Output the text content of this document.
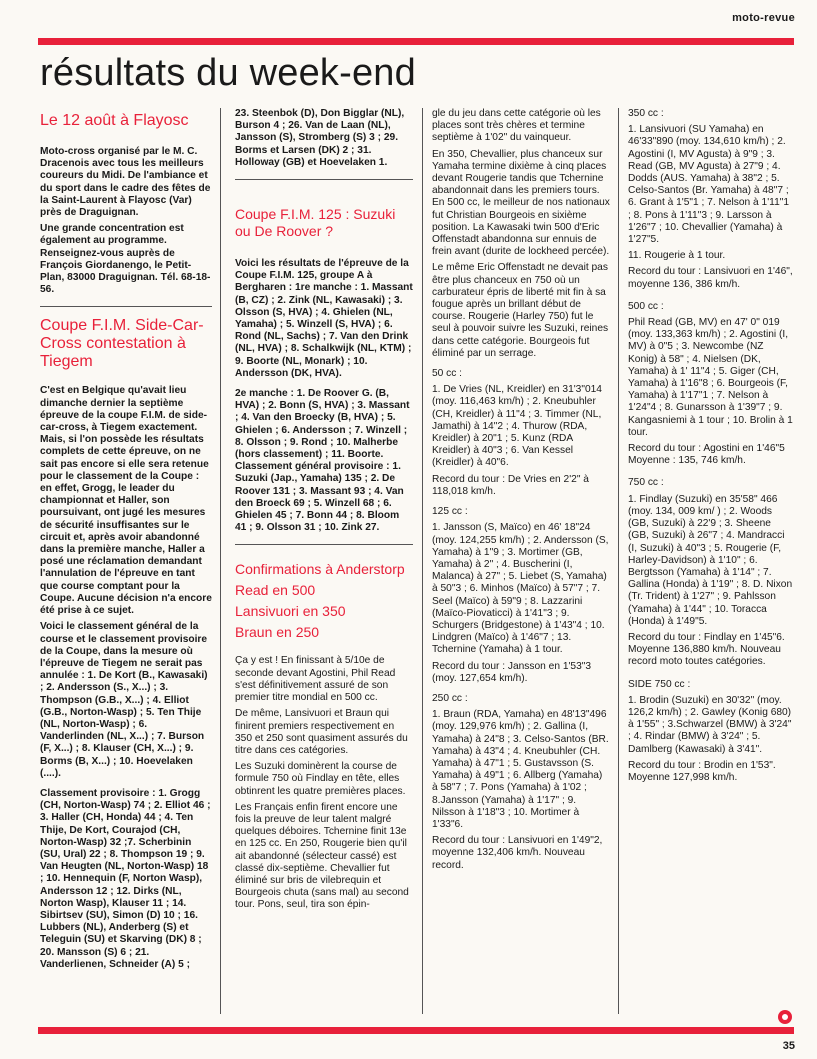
moto-revue
résultats du week-end
Le 12 août à Flayosc

Moto-cross organisé par le M. C. Dracenois avec tous les meilleurs coureurs du Midi. De l'ambiance et du sport dans le cadre des fêtes de la Saint-Laurent à Flayosc (Var) près de Draguignan.

Une grande concentration est également au programme. Renseignez-vous auprès de François Giordanengo, le Petit-Plan, 83000 Draguignan. Tél. 68-18-56.

Coupe F.I.M. Side-Car-Cross contestation à Tiegem

C'est en Belgique qu'avait lieu dimanche dernier la septième épreuve de la coupe F.I.M. de side-car-cross, à Tiegem exactement. Mais, si l'on possède les résultats complets de cette épreuve, on ne sait pas encore si elle sera retenue pour le classement de la Coupe : en effet, Grogg, le leader du championnat et Haller, son poursuivant, ont jugé les mesures de sécurité insuffisantes sur le circuit et, après avoir abandonné dans la première manche, Haller a posé une réclamation demandant l'annulation de l'épreuve en tant que course comptant pour la Coupe. Aucune décision n'a encore été prise à ce sujet.

Voici le classement général de la course et le classement provisoire de la Coupe, dans la mesure où l'épreuve de Tiegem ne serait pas annulée : 1. De Kort (B., Kawasaki) ; 2. Andersson (S., X...) ; 3. Thompson (G.B., X...) ; 4. Elliot (G.B., Norton-Wasp) ; 5. Ten Thije (NL, Norton-Wasp) ; 6. Vanderlinden (NL, X...) ; 7. Burson (F, X...) ; 8. Klauser (CH, X...) ; 9. Borms (B, X...) ; 10. Hoevelaken (....).

Classement provisoire : 1. Grogg (CH, Norton-Wasp) 74 ; 2. Elliot 46 ; 3. Haller (CH, Honda) 44 ; 4. Ten Thije, De Kort, Courajod (CH, Norton-Wasp) 32 ;7. Scherbinin (SU, Ural) 22 ; 8. Thompson 19 ; 9. Van Heugten (NL, Norton-Wasp) 18 ; 10. Hennequin (F, Norton Wasp), Andersson 12 ; 12. Dirks (NL, Norton Wasp), Klauser 11 ; 14. Sibirtsev (SU), Simon (D) 10 ; 16. Lubbers (NL), Anderberg (S) et Teleguin (SU) et Skarving (DK) 8 ; 20. Mansson (S) 6 ; 21. Vanderlienen, Schneider (A) 5 ;

23. Steenbok (D), Don Bigglar (NL), Burson 4 ; 26. Van de Laan (NL), Jansson (S), Stromberg (S) 3 ; 29. Borms et Larsen (DK) 2 ; 31. Holloway (GB) et Hoevelaken 1.

Coupe F.I.M. 125 : Suzuki ou De Roover ?

Voici les résultats de l'épreuve de la Coupe F.I.M. 125, groupe A à Bergharen : 1re manche : 1. Massant (B, CZ) ; 2. Zink (NL, Kawasaki) ; 3. Olsson (S, HVA) ; 4. Ghielen (NL, Yamaha) ; 5. Winzell (S, HVA) ; 6. Rond (NL, Sachs) ; 7. Van den Drink (NL, HVA) ; 8. Schalkwijk (NL, KTM) ; 9. Boorte (NL, Monark) ; 10. Andersson (DK, HVA).

2e manche : 1. De Roover G. (B, HVA) ; 2. Bonn (S, HVA) ; 3. Massant ; 4. Van den Broecky (B, HVA) ; 5. Ghielen ; 6. Andersson ; 7. Winzell ; 8. Olsson ; 9. Rond ; 10. Malherbe (hors classement) ; 11. Boorte. Classement général provisoire : 1. Suzuki (Jap., Yamaha) 135 ; 2. De Roover 131 ; 3. Massant 93 ; 4. Van den Broeck 69 ; 5. Winzell 68 ; 6. Ghielen 45 ; 7. Bonn 44 ; 8. Bloom 41 ; 9. Olsson 31 ; 10. Zink 27.

Confirmations à Anderstorp
Read en 500
Lansivuori en 350
Braun en 250

Ça y est ! En finissant à 5/10e de seconde devant Agostini, Phil Read s'est définitivement assuré de son premier titre mondial en 500 cc.

De même, Lansivuori et Braun qui finirent premiers respectivement en 350 et 250 sont quasiment assurés du titre dans ces catégories.

Les Suzuki dominèrent la course de formule 750 où Findlay en tête, elles obtinrent les quatre premières places.

Les Français enfin firent encore une fois la preuve de leur talent malgré quelques déboires. Tchernine finit 13e en 125 cc. En 250, Rougerie bien qu'il ait abandonné (sélecteur cassé) est classé dix-septième. Chevallier fut éliminé sur bris de vilebrequin et Bourgeois chuta (sans mal) au second tour. Pons, seul, tira son épin-

gle du jeu dans cette catégorie où les places sont très chères et termine septième à 1'02" du vainqueur.

En 350, Chevallier, plus chanceux sur Yamaha termine dixième à cinq places devant Rougerie tandis que Tchernine abandonnait dans les premiers tours. En 500 cc, le meilleur de nos nationaux fut Christian Bourgeois en sixième position. La Kawasaki twin 500 d'Eric Offenstadt abandonna sur ennuis de frein avant (durite de lockheed percée).

Le même Eric Offenstadt ne devait pas être plus chanceux en 750 où un carburateur épris de liberté mit fin à sa fougue après un brillant début de course. Rougerie (Harley 750) fut le seul à pouvoir suivre les Suzuki, reines dans cette catégorie. Bourgeois fut éliminé par un serrage.

50 cc :

1. De Vries (NL, Kreidler) en 31'3"014 (moy. 116,463 km/h) ; 2. Kneubuhler (CH, Kreidler) à 11"4 ; 3. Timmer (NL, Jamathi) à 14"2 ; 4. Thurow (RDA, Kreidler) à 20"1 ; 5. Kunz (RDA Kreidler) à 40"3 ; 6. Van Kessel (Kreidler) à 40"6.

Record du tour : De Vries en 2'2" à 118,018 km/h.

125 cc :

1. Jansson (S, Maïco) en 46' 18"24 (moy. 124,255 km/h) ; 2. Andersson (S, Yamaha) à 1"9 ; 3. Mortimer (GB, Yamaha) à 2" ; 4. Buscherini (I, Malanca) à 27" ; 5. Liebet (S, Yamaha) à 50"3 ; 6. Minhos (Maïco) à 57"7 ; 7. Seel (Maïco) à 59"9 ; 8. Lazzarini (Maïco-Piovaticci) à 1'41"3 ; 9. Schurgers (Bridgestone) à 1'43"4 ; 10. Lindgren (Maïco) à 1'46"7 ; 13. Tchernine (Yamaha) à 1 tour.

Record du tour : Jansson en 1'53"3 (moy. 127,654 km/h).

250 cc :

1. Braun (RDA, Yamaha) en 48'13"496 (moy. 129,976 km/h) ; 2. Gallina (I, Yamaha) à 24"8 ; 3. Celso-Santos (BR. Yamaha) à 43"4 ; 4. Kneubuhler (CH. Yamaha) à 47"1 ; 5. Gustavsson (S. Yamaha) à 49"1 ; 6. Allberg (Yamaha) à 58"7 ; 7. Pons (Yamaha) à 1'02 ; 8.Jansson (Yamaha) à 1'17" ; 9. Nilsson à 1'18"3 ; 10. Mortimer à 1'33"6.

Record du tour : Lansivuori en 1'49"2, moyenne 132,406 km/h. Nouveau record.

350 cc :

1. Lansivuori (SU Yamaha) en 46'33"890 (moy. 134,610 km/h) ; 2. Agostini (I, MV Agusta) à 9"9 ; 3. Read (GB, MV Agusta) à 27"9 ; 4. Dodds (AUS. Yamaha) à 38"2 ; 5. Celso-Santos (Br. Yamaha) à 48"7 ; 6. Grant à 1'5"1 ; 7. Nelson à 1'11"1 ; 8. Pons à 1'11"3 ; 9. Larsson à 1'26"7 ; 10. Chevallier (Yamaha) à 1'27"5.

11. Rougerie à 1 tour.

Record du tour : Lansivuori en 1'46", moyenne 136, 386 km/h.

500 cc :

Phil Read (GB, MV) en 47' 0" 019 (moy. 133,363 km/h) ; 2. Agostini (I, MV) à 0"5 ; 3. Newcombe (NZ Konig) à 58" ; 4. Nielsen (DK, Yamaha) à 1' 11"4 ; 5. Giger (CH, Yamaha) à 1'16"8 ; 6. Bourgeois (F, Yamaha) à 1'17"1 ; 7. Nelson à 1'24"4 ; 8. Gunarsson à 1'39"7 ; 9. Kangasniemi à 1 tour ; 10. Brolin à 1 tour.

Record du tour : Agostini en 1'46"5 Moyenne : 135, 746 km/h.

750 cc :

1. Findlay (Suzuki) en 35'58" 466 (moy. 134, 009 km/ ) ; 2. Woods (GB, Suzuki) à 22'9 ; 3. Sheene (GB, Suzuki) à 26"7 ; 4. Mandracci (I, Suzuki) à 40"3 ; 5. Rougerie (F, Harley-Davidson) à 1'10" ; 6. Bergtsson (Yamaha) à 1'14" ; 7. Gallina (Honda) à 1'19" ; 8. D. Nixon (Tr. Trident) à 1'27" ; 9. Pahlsson (Yamaha) à 1'44" ; 10. Toracca (Honda) à 1'49"5.

Record du tour : Findlay en 1'45"6. Moyenne 136,880 km/h. Nouveau record moto toutes catégories.

SIDE 750 cc :

1. Brodin (Suzuki) en 30'32" (moy. 126,2 km/h) ; 2. Gawley (Konig 680) à 1'55" ; 3.Schwarzel (BMW) à 3'24" ; 4. Rindar (BMW) à 3'24" ; 5. Damlberg (Kawasaki) à 3'41".

Record du tour : Brodin en 1'53". Moyenne 127,998 km/h.

35
